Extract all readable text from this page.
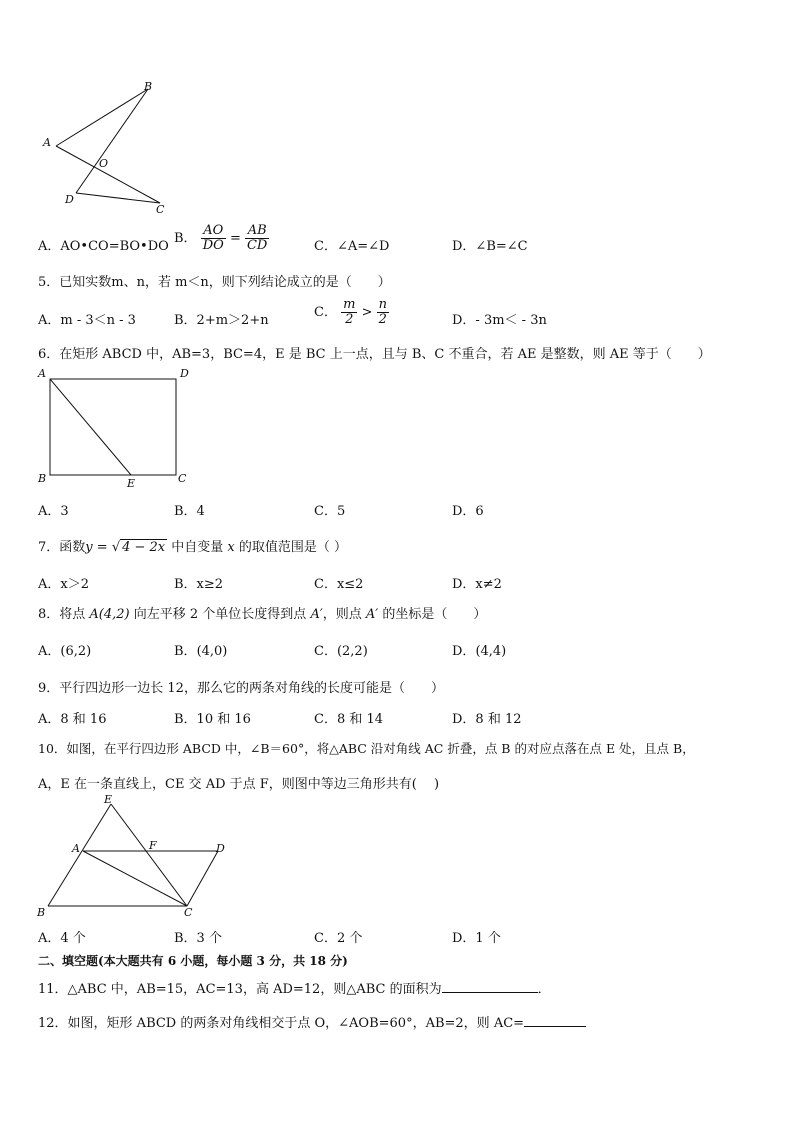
B
A
O
D
C
A．AO•CO=BO•DO
B． $\frac{AO}{DO} = \frac{AB}{CD}$	C．∠A=∠D	D．∠B=∠C
5．已知实数m、n，若 m＜n，则下列结论成立的是（　　）
A．m - 3＜n - 3	B．2+m＞2+n
C． $\frac{m}{2} > \frac{n}{2}$	D．- 3m＜ - 3n
6．在矩形 ABCD 中，AB=3，BC=4，E 是 BC 上一点，且与 B、C 不重合，若 AE 是整数，则 AE 等于（　　）
A	D
B	E	C
A．3	B．4	C．5	D．6
7．函数y = √ 4 − 2x 中自变量 x 的取值范围是（ ）
A．x＞2	B．x≥2	C．x≤2	D．x≠2
8．将点 A(4,2) 向左平移 2 个单位长度得到点 A′，则点 A′ 的坐标是（　　）
A．(6,2)	B．(4,0)	C．(2,2)	D．(4,4)
9．平行四边形一边长 12，那么它的两条对角线的长度可能是（　　）
A．8 和 16	B．10 和 16	C．8 和 14	D．8 和 12
10．如图，在平行四边形 ABCD 中，∠B＝60°，将△ABC 沿对角线 AC 折叠，点 B 的对应点落在点 E 处，且点 B，
A，E 在一条直线上，CE 交 AD 于点 F，则图中等边三角形共有(　 )
E
A	F	D
B	C
A．4 个	B．3 个	C．2 个	D．1 个
二、填空题(本大题共有 6 小题，每小题 3 分，共 18 分)
11．△ABC 中，AB=15，AC=13，高 AD=12，则△ABC 的面积为	．
12．如图，矩形 ABCD 的两条对角线相交于点 O，∠AOB=60°，AB=2，则 AC=
